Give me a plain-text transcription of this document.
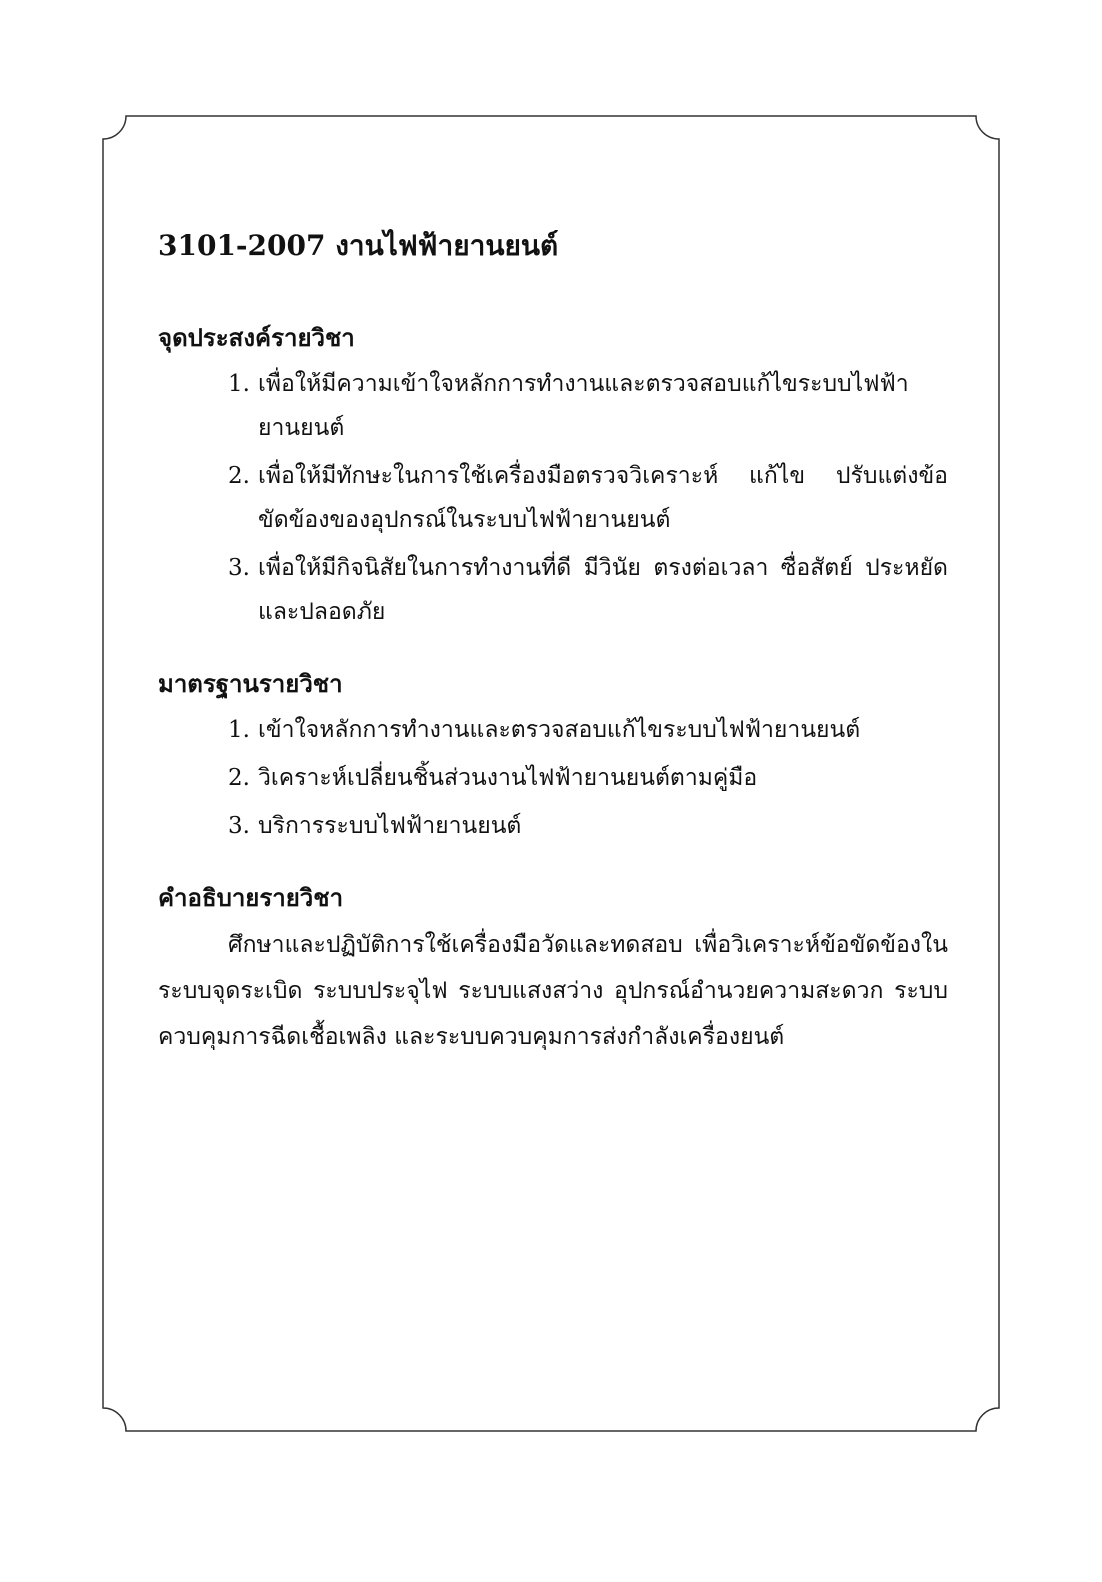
3101-2007 งานไฟฟ้ายานยนต์
จุดประสงค์รายวิชา
1. เพื่อให้มีความเข้าใจหลักการทำงานและตรวจสอบแก้ไขระบบไฟฟ้ายานยนต์
2. เพื่อให้มีทักษะในการใช้เครื่องมือตรวจวิเคราะห์ แก้ไข ปรับแต่งข้อขัดข้องของอุปกรณ์ในระบบไฟฟ้ายานยนต์
3. เพื่อให้มีกิจนิสัยในการทำงานที่ดี มีวินัย ตรงต่อเวลา ซื่อสัตย์ ประหยัด และปลอดภัย
มาตรฐานรายวิชา
1. เข้าใจหลักการทำงานและตรวจสอบแก้ไขระบบไฟฟ้ายานยนต์
2. วิเคราะห์เปลี่ยนชิ้นส่วนงานไฟฟ้ายานยนต์ตามคู่มือ
3. บริการระบบไฟฟ้ายานยนต์
คำอธิบายรายวิชา

ศึกษาและปฏิบัติการใช้เครื่องมือวัดและทดสอบ เพื่อวิเคราะห์ข้อขัดข้องในระบบจุดระเบิด ระบบประจุไฟ ระบบแสงสว่าง อุปกรณ์อำนวยความสะดวก ระบบควบคุมการฉีดเชื้อเพลิง และระบบควบคุมการส่งกำลังเครื่องยนต์
